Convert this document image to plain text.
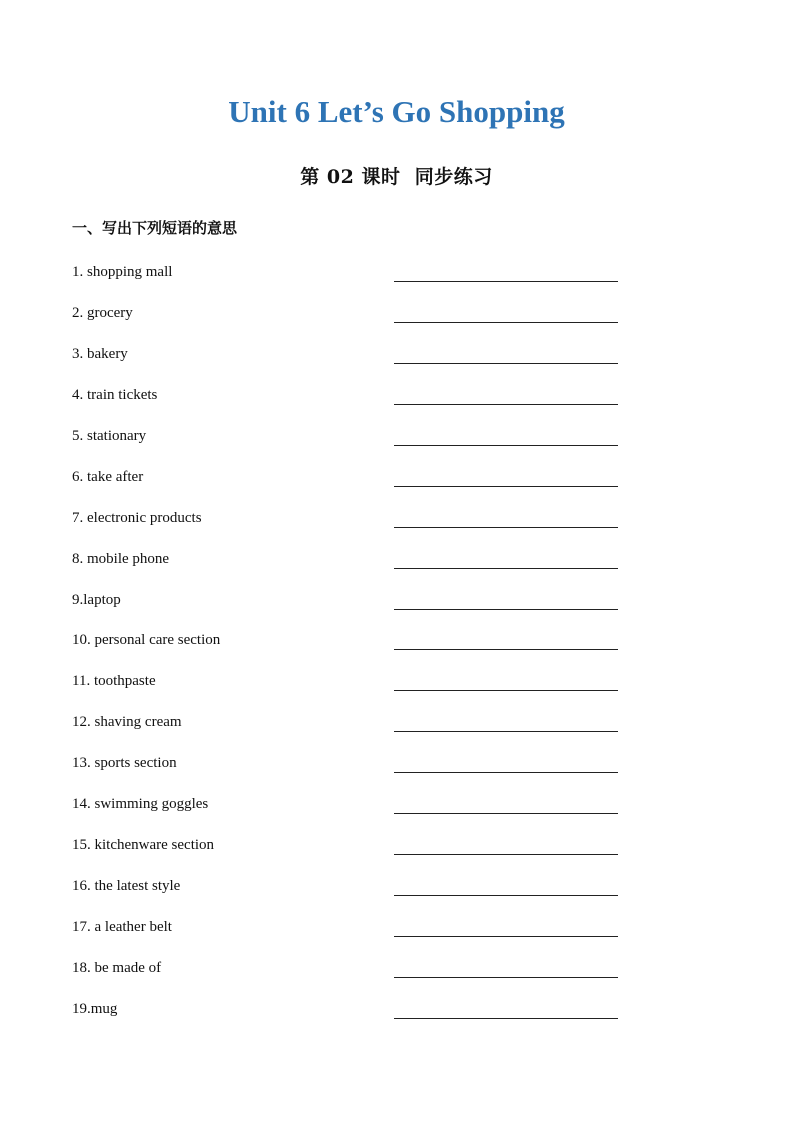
Unit 6 Let’s Go Shopping
第 02 课时  同步练习
一、写出下列短语的意思
1. shopping mall
2. grocery
3. bakery
4. train tickets
5. stationary
6. take after
7. electronic products
8. mobile phone
9.laptop
10. personal care section
11. toothpaste
12. shaving cream
13. sports section
14. swimming goggles
15. kitchenware section
16. the latest style
17. a leather belt
18. be made of
19.mug
